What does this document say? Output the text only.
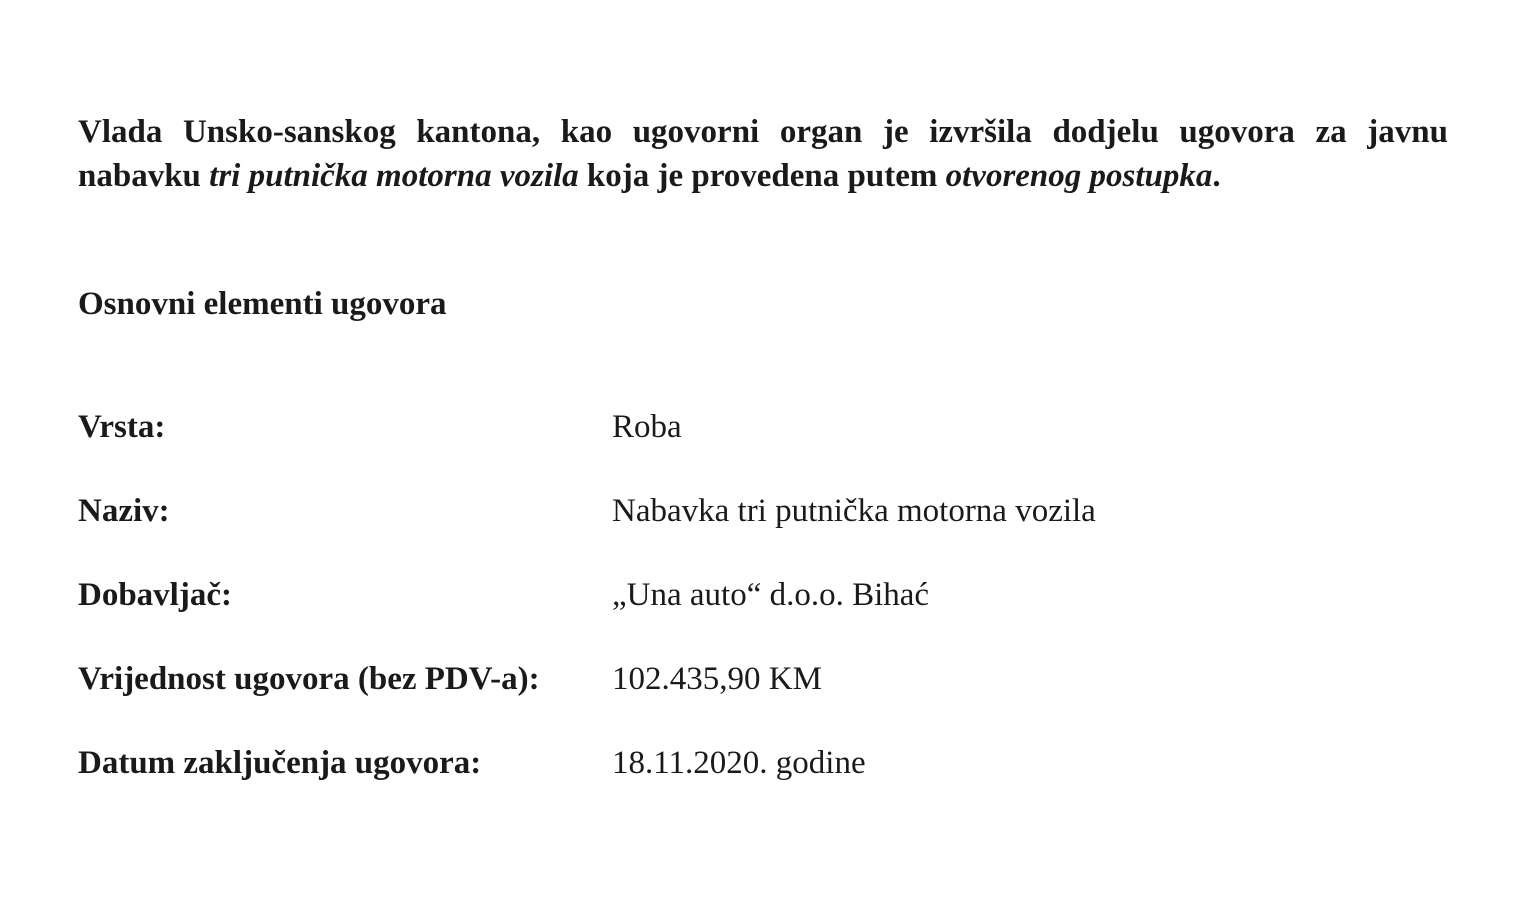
Vlada Unsko-sanskog kantona, kao ugovorni organ je izvršila dodjelu ugovora za javnu
nabavku tri putnička motorna vozila koja je provedena putem otvorenog postupka.

Osnovni elementi ugovora
Vrsta:	Roba
Naziv:	Nabavka tri putnička motorna vozila
Dobavljač:	„Una auto“ d.o.o. Bihać
Vrijednost ugovora (bez PDV-a): 102.435,90 KM
Datum zaključenja ugovora:	18.11.2020. godine
